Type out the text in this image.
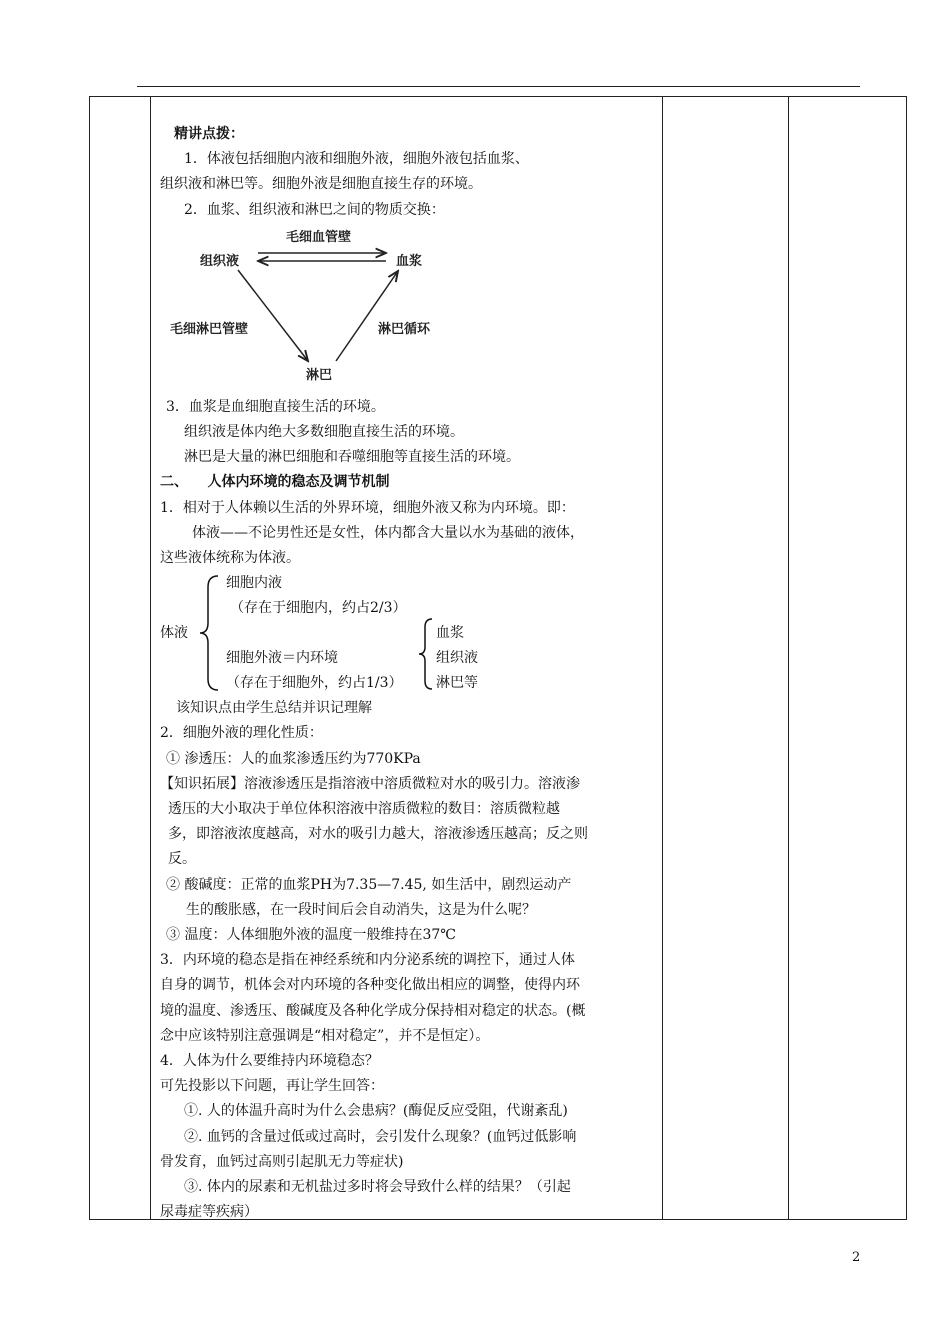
精讲点拨：
1．体液包括细胞内液和细胞外液，细胞外液包括血浆、
组织液和淋巴等。细胞外液是细胞直接生存的环境。
2．血浆、组织液和淋巴之间的物质交换：
毛细血管壁
组织液	血浆
毛细淋巴管壁	淋巴循环
淋巴
3．血浆是血细胞直接生活的环境。
组织液是体内绝大多数细胞直接生活的环境。
淋巴是大量的淋巴细胞和吞噬细胞等直接生活的环境。
二、    人体内环境的稳态及调节机制
1．相对于人体赖以生活的外界环境，细胞外液又称为内环境。即：
体液——不论男性还是女性，体内都含大量以水为基础的液体，
这些液体统称为体液。
体液
细胞内液
（存在于细胞内，约占2/3）
细胞外液＝内环境
（存在于细胞外，约占1/3）
血浆
组织液
淋巴等
该知识点由学生总结并识记理解
2．细胞外液的理化性质：
① 渗透压：人的血浆渗透压约为770KPa
【知识拓展】溶液渗透压是指溶液中溶质微粒对水的吸引力。溶液渗
透压的大小取决于单位体积溶液中溶质微粒的数目：溶质微粒越
多，即溶液浓度越高，对水的吸引力越大，溶液渗透压越高；反之则
反。
② 酸碱度：正常的血浆PH为7.35—7.45, 如生活中，剧烈运动产
生的酸胀感，在一段时间后会自动消失，这是为什么呢？
③ 温度：人体细胞外液的温度一般维持在37℃
3．内环境的稳态是指在神经系统和内分泌系统的调控下，通过人体
自身的调节，机体会对内环境的各种变化做出相应的调整，使得内环
境的温度、渗透压、酸碱度及各种化学成分保持相对稳定的状态。(概
念中应该特别注意强调是“相对稳定”，并不是恒定）。
4．人体为什么要维持内环境稳态？
可先投影以下问题，再让学生回答：
①. 人的体温升高时为什么会患病？(酶促反应受阻，代谢紊乱)
②. 血钙的含量过低或过高时，会引发什么现象？(血钙过低影响
骨发育，血钙过高则引起肌无力等症状)
③. 体内的尿素和无机盐过多时将会导致什么样的结果？（引起
尿毒症等疾病）
2
